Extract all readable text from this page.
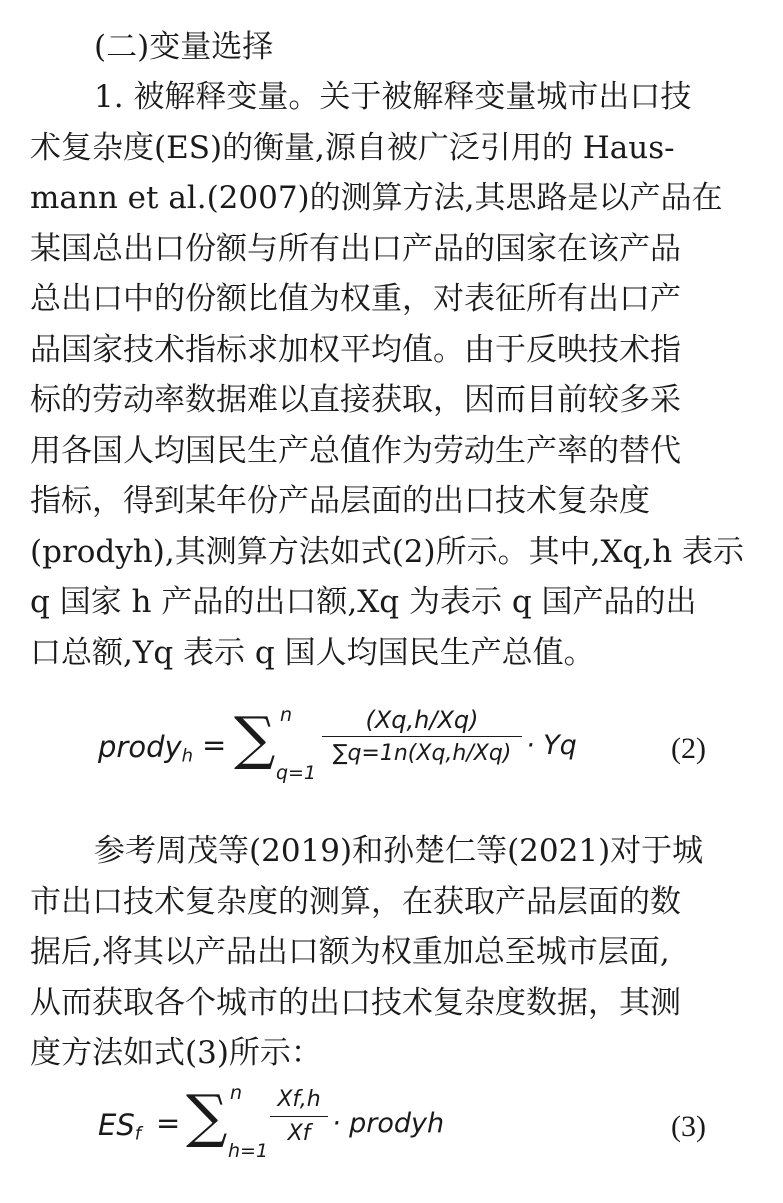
(二)变量选择

1. 被解释变量。关于被解释变量城市出口技
术复杂度(ES)的衡量,源自被广泛引用的 Haus-
mann et al.(2007)的测算方法,其思路是以产品在
某国总出口份额与所有出口产品的国家在该产品
总出口中的份额比值为权重，对表征所有出口产
品国家技术指标求加权平均值。由于反映技术指
标的劳动率数据难以直接获取，因而目前较多采
用各国人均国民生产总值作为劳动生产率的替代
指标，得到某年份产品层面的出口技术复杂度
(prodyh),其测算方法如式(2)所示。其中,Xq,h 表示
q 国家 h 产品的出口额,Xq 为表示 q 国产品的出
口总额,Yq 表示 q 国人均国民生产总值。

prody$_h$ = ∑ n
q=1
(Xq,h/Xq)
∑q=1n(Xq,h/Xq) · Yq	(2)

参考周茂等(2019)和孙楚仁等(2021)对于城
市出口技术复杂度的测算，在获取产品层面的数
据后,将其以产品出口额为权重加总至城市层面,
从而获取各个城市的出口技术复杂度数据，其测
度方法如式(3)所示：

$ES_f$ = ∑ n
h=1
Xf,h
Xf · prodyh	(3)
